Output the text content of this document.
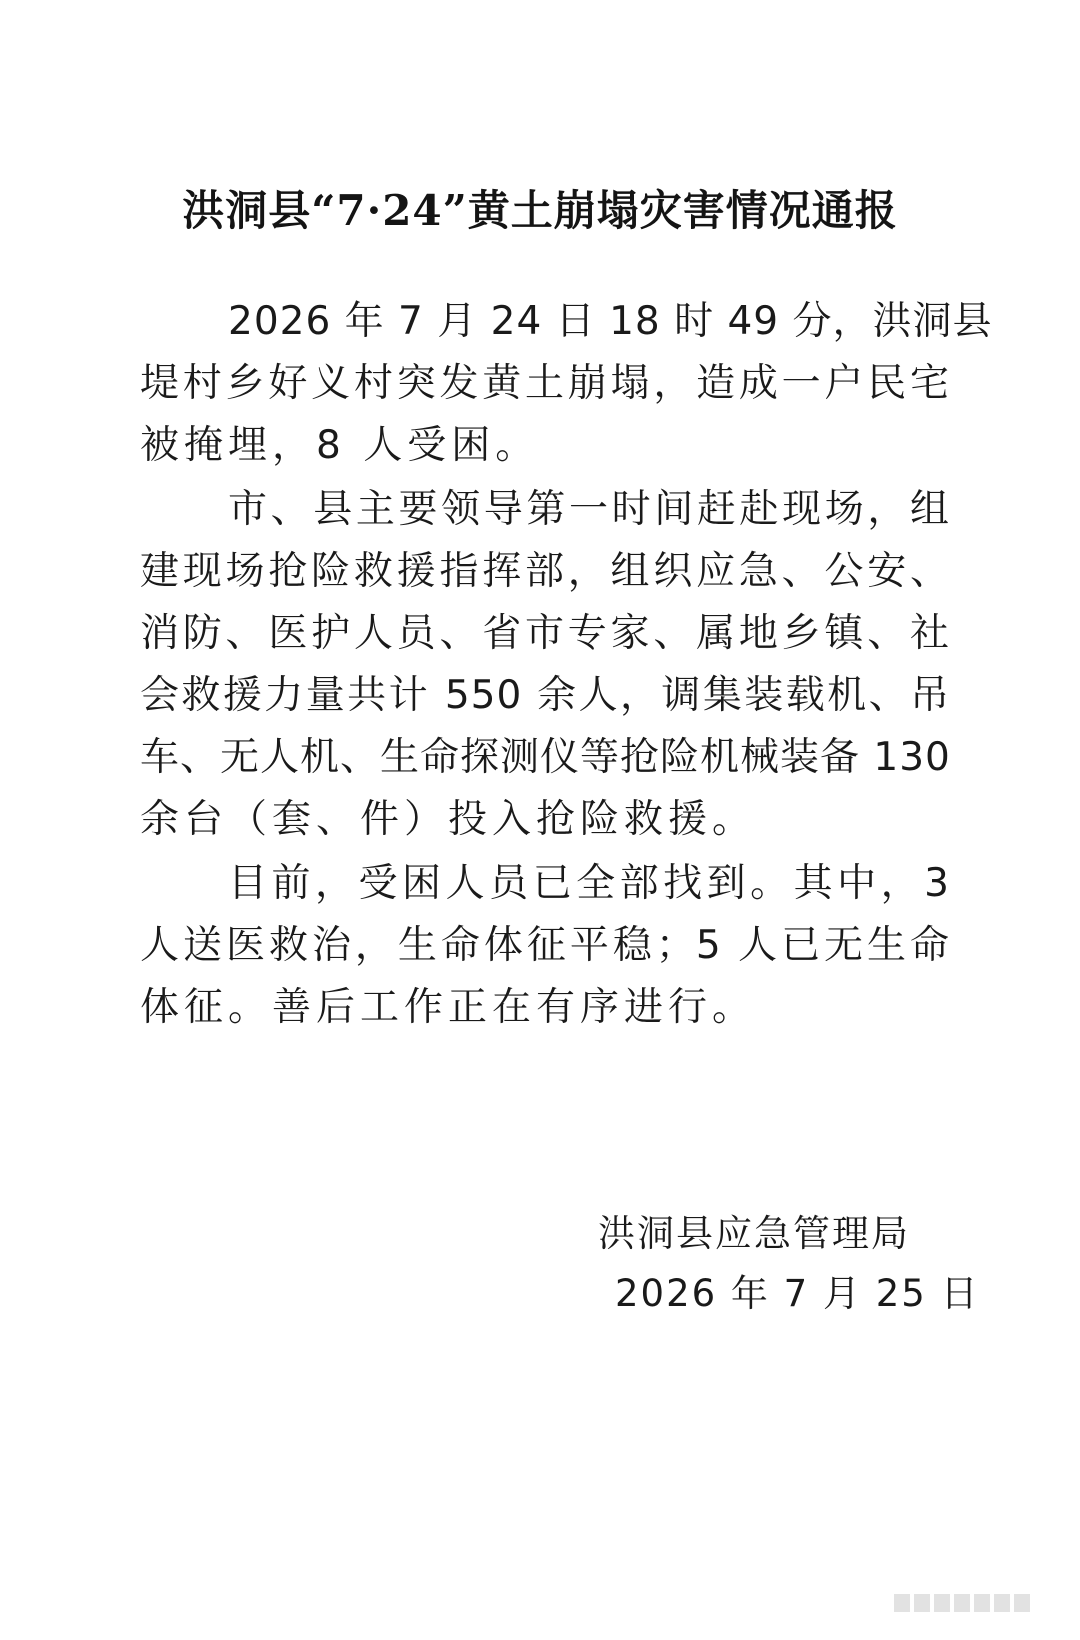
洪洞县“7·24”黄土崩塌灾害情况通报
2026 年 7 月 24 日 18 时 49 分，洪洞县
堤村乡好义村突发黄土崩塌，造成一户民宅
被掩埋，8 人受困。
市、县主要领导第一时间赶赴现场，组
建现场抢险救援指挥部，组织应急、公安、
消防、医护人员、省市专家、属地乡镇、社
会救援力量共计 550 余人，调集装载机、吊
车、无人机、生命探测仪等抢险机械装备 130
余台（套、件）投入抢险救援。
目前，受困人员已全部找到。其中，3
人送医救治，生命体征平稳；5 人已无生命
体征。善后工作正在有序进行。
洪洞县应急管理局
2026 年 7 月 25 日
